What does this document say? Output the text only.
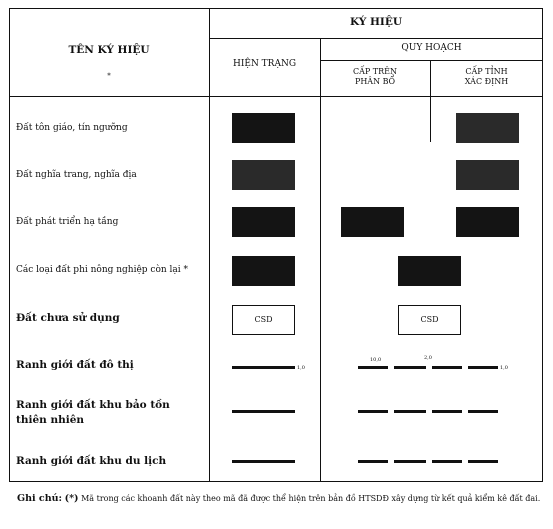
KÝ HIỆU
TÊN KÝ HIỆU
*
HIỆN TRẠNG
QUY HOẠCH
CẤP TRÊN
PHÂN BỔ
CẤP TỈNH
XÁC ĐỊNH
Đất tôn giáo, tín ngưỡng
Đất nghĩa trang, nghĩa địa
Đất phát triển hạ tầng
Các loại đất phi nông nghiệp còn lại *
Đất chưa sử dụng
Ranh giới đất đô thị
Ranh giới đất khu bảo tồn
thiên nhiên
Ranh giới đất khu du lịch
CSD	CSD
1,0
10,0	2,0
1,0
Ghi chú: (*) Mã trong các khoanh đất này theo mã đã được thể hiện trên bản đồ HTSDĐ xây dựng từ kết quả kiểm kê đất đai.
